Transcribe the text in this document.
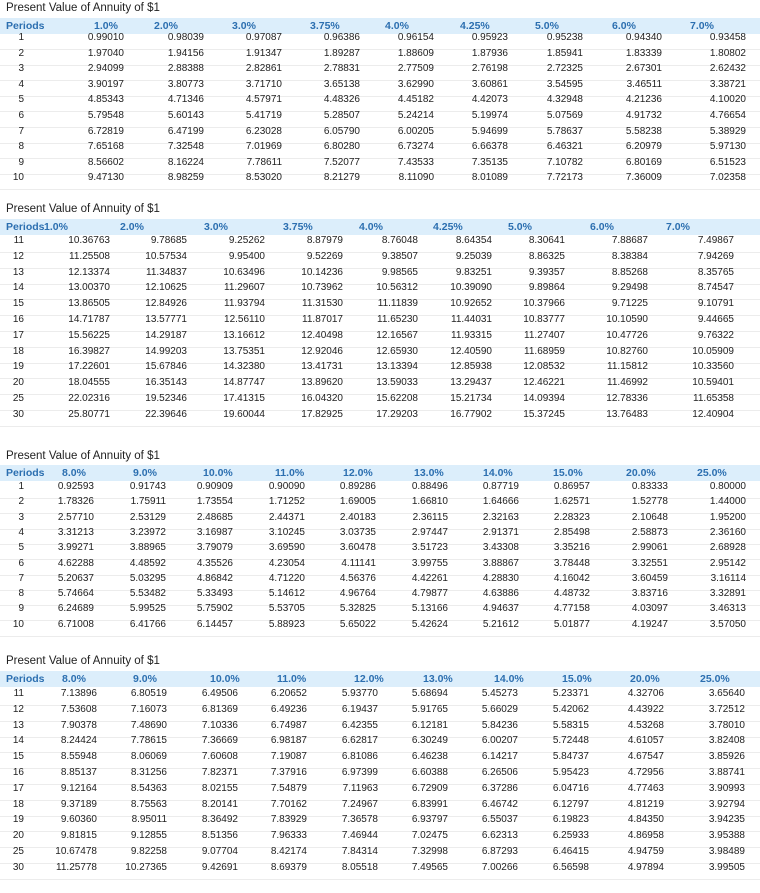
Present Value of Annuity of $1
Periods	1.0%	2.0%	3.0%	3.75%	4.0%	4.25%	5.0%	6.0%	7.0%
1	0.99010	0.98039	0.97087	0.96386	0.96154	0.95923	0.95238	0.94340	0.93458
2	1.97040	1.94156	1.91347	1.89287	1.88609	1.87936	1.85941	1.83339	1.80802
3	2.94099	2.88388	2.82861	2.78831	2.77509	2.76198	2.72325	2.67301	2.62432
4	3.90197	3.80773	3.71710	3.65138	3.62990	3.60861	3.54595	3.46511	3.38721
5	4.85343	4.71346	4.57971	4.48326	4.45182	4.42073	4.32948	4.21236	4.10020
6	5.79548	5.60143	5.41719	5.28507	5.24214	5.19974	5.07569	4.91732	4.76654
7	6.72819	6.47199	6.23028	6.05790	6.00205	5.94699	5.78637	5.58238	5.38929
8	7.65168	7.32548	7.01969	6.80280	6.73274	6.66378	6.46321	6.20979	5.97130
9	8.56602	8.16224	7.78611	7.52077	7.43533	7.35135	7.10782	6.80169	6.51523
10	9.47130	8.98259	8.53020	8.21279	8.11090	8.01089	7.72173	7.36009	7.02358
Present Value of Annuity of $1
Periods 1.0%	2.0%	3.0%	3.75%	4.0%	4.25%	5.0%	6.0%	7.0%
11	10.36763	9.78685	9.25262	8.87979	8.76048	8.64354	8.30641	7.88687	7.49867
12	11.25508	10.57534	9.95400	9.52269	9.38507	9.25039	8.86325	8.38384	7.94269
13	12.13374	11.34837	10.63496	10.14236	9.98565	9.83251	9.39357	8.85268	8.35765
14	13.00370	12.10625	11.29607	10.73962	10.56312	10.39090	9.89864	9.29498	8.74547
15	13.86505	12.84926	11.93794	11.31530	11.11839	10.92652	10.37966	9.71225	9.10791
16	14.71787	13.57771	12.56110	11.87017	11.65230	11.44031	10.83777	10.10590	9.44665
17	15.56225	14.29187	13.16612	12.40498	12.16567	11.93315	11.27407	10.47726	9.76322
18	16.39827	14.99203	13.75351	12.92046	12.65930	12.40590	11.68959	10.82760	10.05909
19	17.22601	15.67846	14.32380	13.41731	13.13394	12.85938	12.08532	11.15812	10.33560
20	18.04555	16.35143	14.87747	13.89620	13.59033	13.29437	12.46221	11.46992	10.59401
25	22.02316	19.52346	17.41315	16.04320	15.62208	15.21734	14.09394	12.78336	11.65358
30	25.80771	22.39646	19.60044	17.82925	17.29203	16.77902	15.37245	13.76483	12.40904
Present Value of Annuity of $1
Periods 8.0%	9.0%	10.0%	11.0%	12.0%	13.0%	14.0%	15.0%	20.0%	25.0%
1	0.92593	0.91743	0.90909	0.90090	0.89286	0.88496	0.87719	0.86957	0.83333	0.80000
2	1.78326	1.75911	1.73554	1.71252	1.69005	1.66810	1.64666	1.62571	1.52778	1.44000
3	2.57710	2.53129	2.48685	2.44371	2.40183	2.36115	2.32163	2.28323	2.10648	1.95200
4	3.31213	3.23972	3.16987	3.10245	3.03735	2.97447	2.91371	2.85498	2.58873	2.36160
5	3.99271	3.88965	3.79079	3.69590	3.60478	3.51723	3.43308	3.35216	2.99061	2.68928
6	4.62288	4.48592	4.35526	4.23054	4.11141	3.99755	3.88867	3.78448	3.32551	2.95142
7	5.20637	5.03295	4.86842	4.71220	4.56376	4.42261	4.28830	4.16042	3.60459	3.16114
8	5.74664	5.53482	5.33493	5.14612	4.96764	4.79877	4.63886	4.48732	3.83716	3.32891
9	6.24689	5.99525	5.75902	5.53705	5.32825	5.13166	4.94637	4.77158	4.03097	3.46313
10	6.71008	6.41766	6.14457	5.88923	5.65022	5.42624	5.21612	5.01877	4.19247	3.57050
Present Value of Annuity of $1
Periods 8.0%	9.0%	10.0%	11.0%	12.0%	13.0%	14.0%	15.0%	20.0%	25.0%
11	7.13896	6.80519	6.49506	6.20652	5.93770	5.68694	5.45273	5.23371	4.32706	3.65640
12	7.53608	7.16073	6.81369	6.49236	6.19437	5.91765	5.66029	5.42062	4.43922	3.72512
13	7.90378	7.48690	7.10336	6.74987	6.42355	6.12181	5.84236	5.58315	4.53268	3.78010
14	8.24424	7.78615	7.36669	6.98187	6.62817	6.30249	6.00207	5.72448	4.61057	3.82408
15	8.55948	8.06069	7.60608	7.19087	6.81086	6.46238	6.14217	5.84737	4.67547	3.85926
16	8.85137	8.31256	7.82371	7.37916	6.97399	6.60388	6.26506	5.95423	4.72956	3.88741
17	9.12164	8.54363	8.02155	7.54879	7.11963	6.72909	6.37286	6.04716	4.77463	3.90993
18	9.37189	8.75563	8.20141	7.70162	7.24967	6.83991	6.46742	6.12797	4.81219	3.92794
19	9.60360	8.95011	8.36492	7.83929	7.36578	6.93797	6.55037	6.19823	4.84350	3.94235
20	9.81815	9.12855	8.51356	7.96333	7.46944	7.02475	6.62313	6.25933	4.86958	3.95388
25	10.67478	9.82258	9.07704	8.42174	7.84314	7.32998	6.87293	6.46415	4.94759	3.98489
30	11.25778	10.27365	9.42691	8.69379	8.05518	7.49565	7.00266	6.56598	4.97894	3.99505
